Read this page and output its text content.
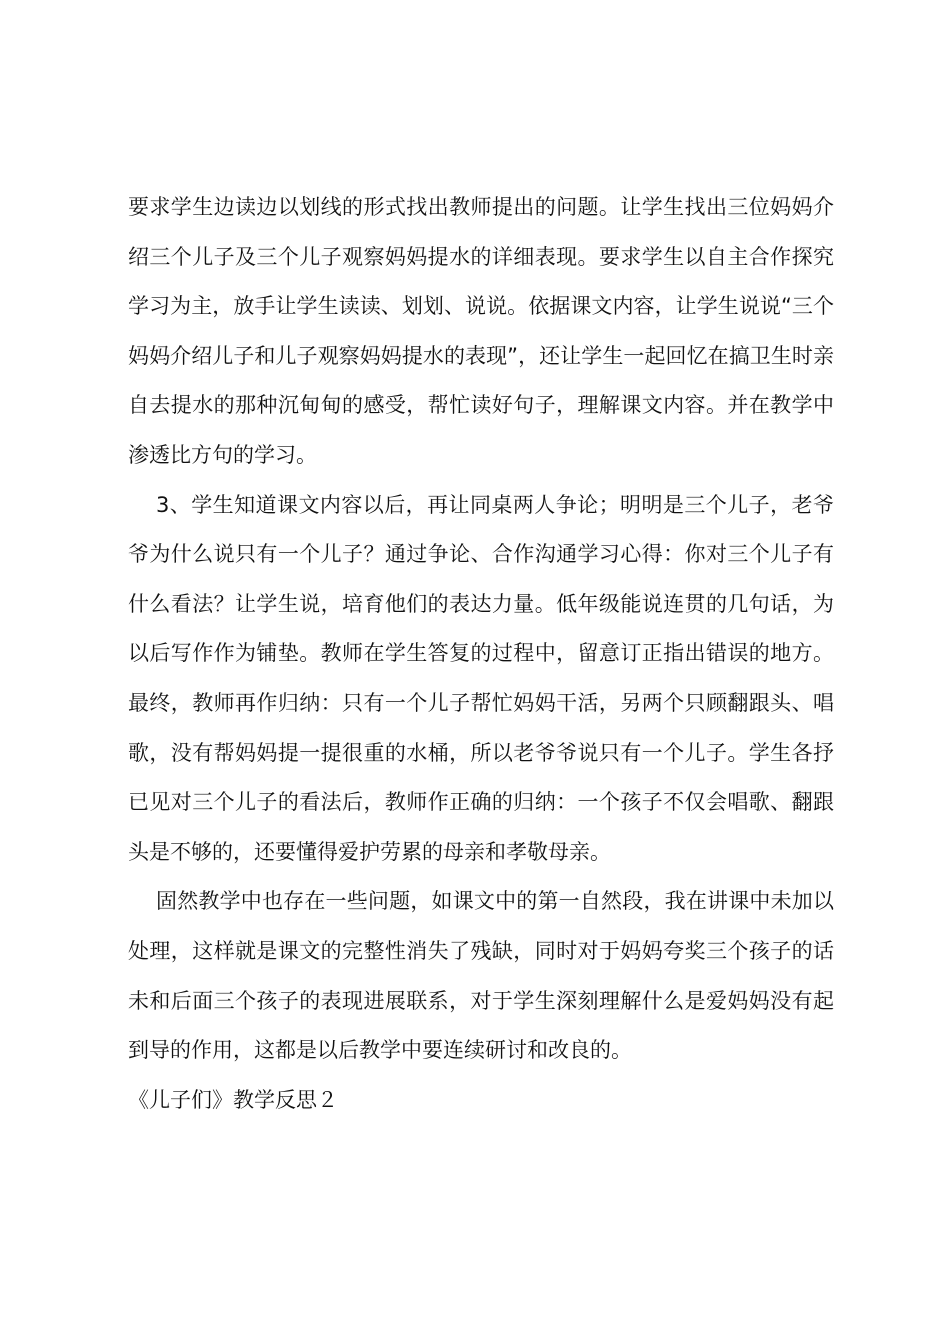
要求学生边读边以划线的形式找出教师提出的问题。让学生找出三位妈妈介绍三个儿子及三个儿子观察妈妈提水的详细表现。要求学生以自主合作探究学习为主，放手让学生读读、划划、说说。依据课文内容，让学生说说“三个妈妈介绍儿子和儿子观察妈妈提水的表现”，还让学生一起回忆在搞卫生时亲自去提水的那种沉甸甸的感受，帮忙读好句子，理解课文内容。并在教学中渗透比方句的学习。

3、学生知道课文内容以后，再让同桌两人争论；明明是三个儿子，老爷爷为什么说只有一个儿子？通过争论、合作沟通学习心得：你对三个儿子有什么看法？让学生说，培育他们的表达力量。低年级能说连贯的几句话，为以后写作作为铺垫。教师在学生答复的过程中，留意订正指出错误的地方。最终，教师再作归纳：只有一个儿子帮忙妈妈干活，另两个只顾翻跟头、唱歌，没有帮妈妈提一提很重的水桶，所以老爷爷说只有一个儿子。学生各抒已见对三个儿子的看法后，教师作正确的归纳：一个孩子不仅会唱歌、翻跟头是不够的，还要懂得爱护劳累的母亲和孝敬母亲。

固然教学中也存在一些问题，如课文中的第一自然段，我在讲课中未加以处理，这样就是课文的完整性消失了残缺，同时对于妈妈夸奖三个孩子的话未和后面三个孩子的表现进展联系，对于学生深刻理解什么是爱妈妈没有起到导的作用，这都是以后教学中要连续研讨和改良的。

《儿子们》教学反思２
